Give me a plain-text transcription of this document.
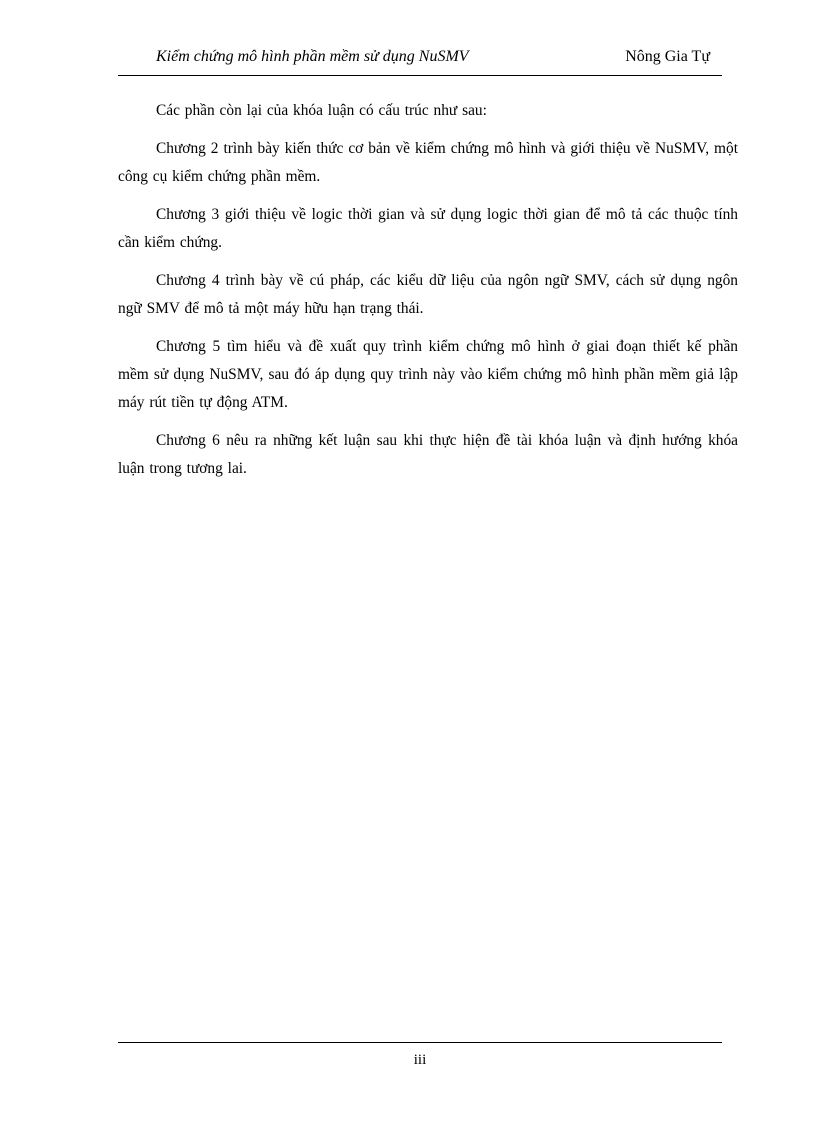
Kiểm chứng mô hình phần mềm sử dụng NuSMV	Nông Gia Tự

Các phần còn lại của khóa luận có cấu trúc như sau:

Chương 2 trình bày kiến thức cơ bản về kiểm chứng mô hình và giới thiệu về NuSMV, một công cụ kiểm chứng phần mềm.

Chương 3 giới thiệu về logic thời gian và sử dụng logic thời gian để mô tả các thuộc tính cần kiểm chứng.

Chương 4 trình bày về cú pháp, các kiểu dữ liệu của ngôn ngữ SMV, cách sử dụng ngôn ngữ SMV để mô tả một máy hữu hạn trạng thái.

Chương 5 tìm hiểu và đề xuất quy trình kiểm chứng mô hình ở giai đoạn thiết kế phần mềm sử dụng NuSMV, sau đó áp dụng quy trình này vào kiểm chứng mô hình phần mềm giả lập máy rút tiền tự động ATM.

Chương 6 nêu ra những kết luận sau khi thực hiện đề tài khóa luận và định hướng khóa luận trong tương lai.

iii
